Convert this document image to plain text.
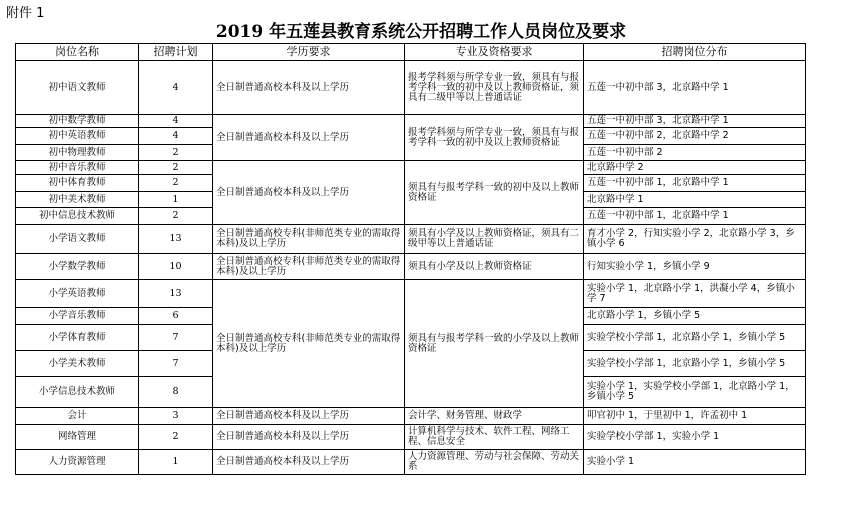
附件 1
2019 年五莲县教育系统公开招聘工作人员岗位及要求
岗位名称	招聘计划	学历要求	专业及资格要求	招聘岗位分布
初中语文教师	4	全日制普通高校本科及以上学历	报考学科须与所学专业一致，须具有与报考学科一致的初中及以上教师资格证，须具有二级甲等以上普通话证	五莲一中初中部 3，北京路中学 1
初中数学教师	4	全日制普通高校本科及以上学历	报考学科须与所学专业一致，须具有与报考学科一致的初中及以上教师资格证	五莲一中初中部 3，北京路中学 1
初中英语教师	4			五莲一中初中部 2，北京路中学 2
初中物理教师	2			五莲一中初中部 2
初中音乐教师	2	全日制普通高校本科及以上学历	须具有与报考学科一致的初中及以上教师资格证	北京路中学 2
初中体育教师	2			五莲一中初中部 1，北京路中学 1
初中美术教师	1			北京路中学 1
初中信息技术教师	2			五莲一中初中部 1，北京路中学 1
小学语文教师	13	全日制普通高校专科(非师范类专业的需取得本科)及以上学历	须具有小学及以上教师资格证，须具有二级甲等以上普通话证	育才小学 2，行知实验小学 2，北京路小学 3，乡镇小学 6
小学数学教师	10	全日制普通高校专科(非师范类专业的需取得本科)及以上学历	须具有小学及以上教师资格证	行知实验小学 1，乡镇小学 9
小学英语教师	13	全日制普通高校专科(非师范类专业的需取得本科)及以上学历	须具有与报考学科一致的小学及以上教师资格证	实验小学 1，北京路小学 1，洪凝小学 4，乡镇小学 7
小学音乐教师	6			北京路小学 1，乡镇小学 5
小学体育教师	7			实验学校小学部 1，北京路小学 1，乡镇小学 5
小学美术教师	7			实验学校小学部 1，北京路小学 1，乡镇小学 5
小学信息技术教师	8			实验小学 1，实验学校小学部 1，北京路小学 1，乡镇小学 5
会计	3	全日制普通高校本科及以上学历	会计学、财务管理、财政学	叩官初中 1，于里初中 1，许孟初中 1
网络管理	2	全日制普通高校本科及以上学历	计算机科学与技术、软件工程、网络工程、信息安全	实验学校小学部 1，实验小学 1
人力资源管理	1	全日制普通高校本科及以上学历	人力资源管理、劳动与社会保障、劳动关系	实验小学 1
